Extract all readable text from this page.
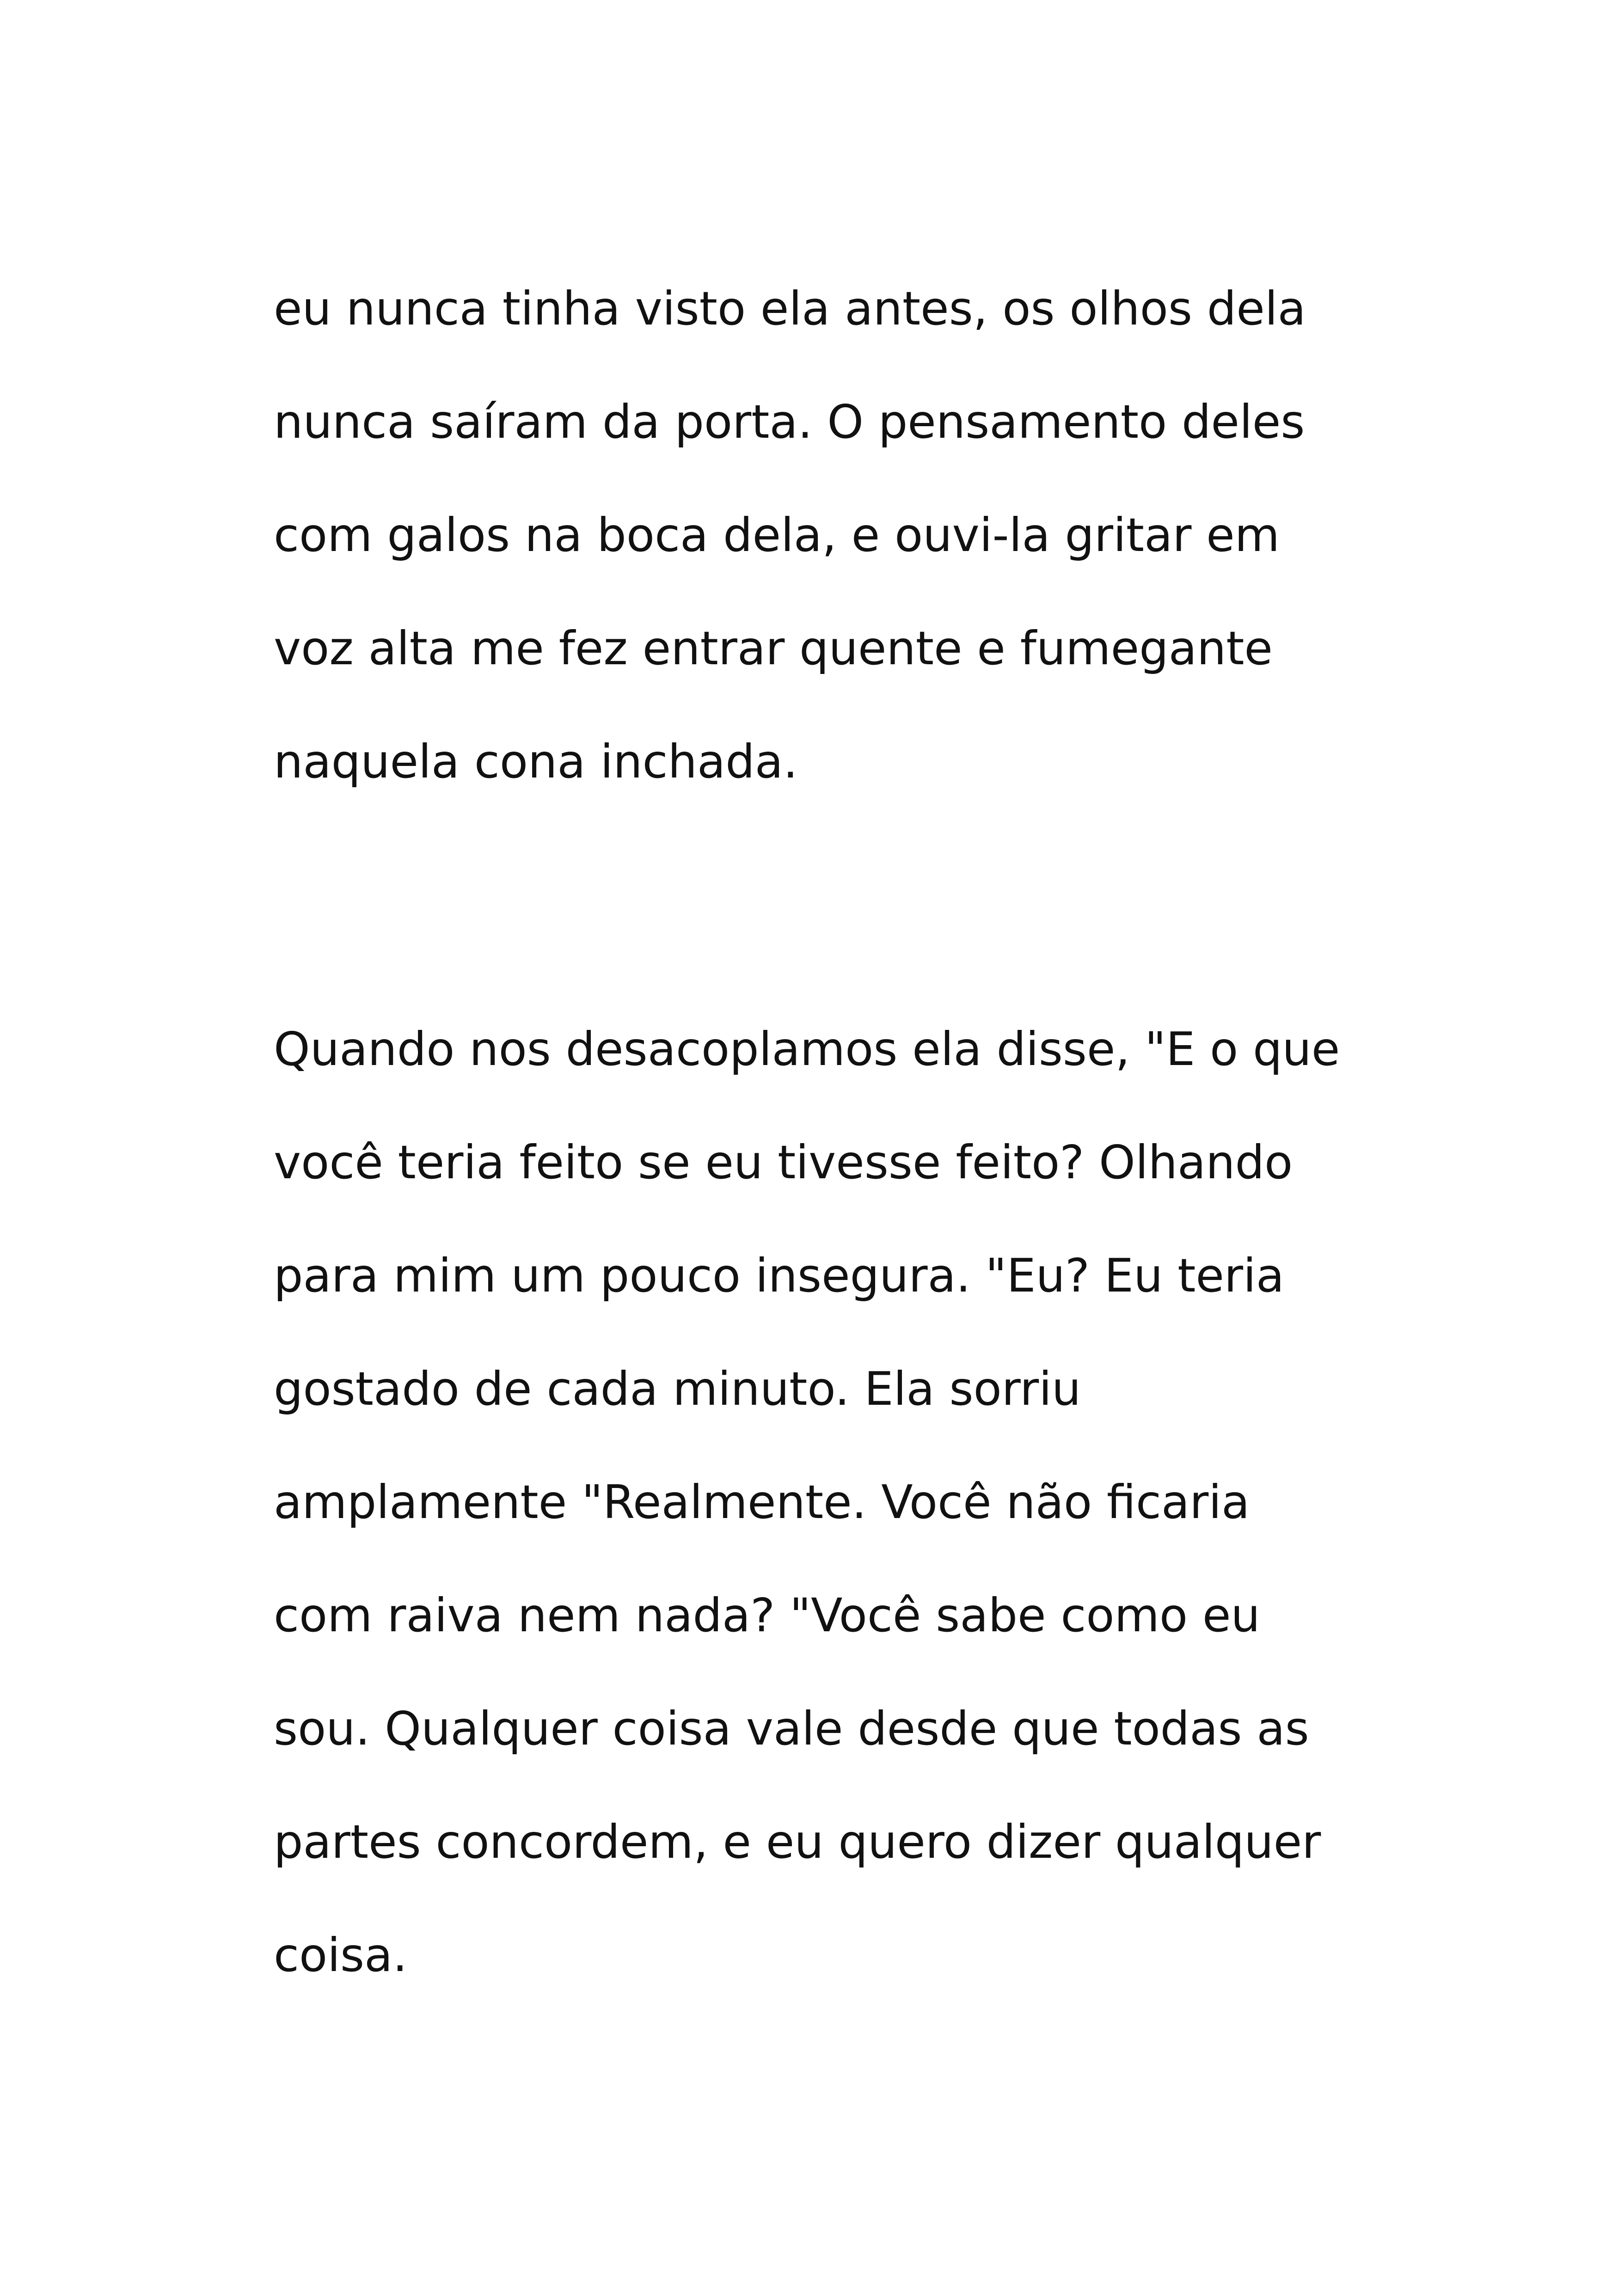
eu nunca tinha visto ela antes, os olhos dela

nunca saíram da porta. O pensamento deles

com galos na boca dela, e ouvi-la gritar em

voz alta me fez entrar quente e fumegante

naquela cona inchada.

Quando nos desacoplamos ela disse, "E o que

você teria feito se eu tivesse feito? Olhando

para mim um pouco insegura. "Eu? Eu teria

gostado de cada minuto. Ela sorriu

amplamente "Realmente. Você não ficaria

com raiva nem nada? "Você sabe como eu

sou. Qualquer coisa vale desde que todas as

partes concordem, e eu quero dizer qualquer

coisa.
